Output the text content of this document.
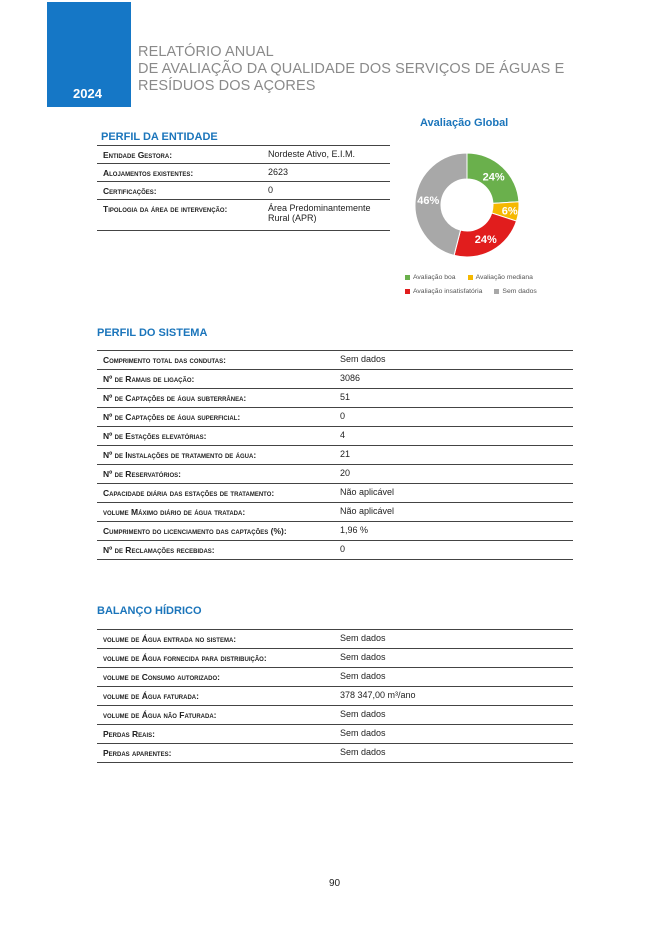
2024
RELATÓRIO ANUAL
DE AVALIAÇÃO DA QUALIDADE DOS SERVIÇOS DE ÁGUAS E
RESÍDUOS DOS AÇORES
PERFIL DA ENTIDADE
Entidade Gestora:	Nordeste Ativo, E.I.M.
Alojamentos existentes:	2623
Certificações:	0
Tipologia da área de intervenção:	Área Predominantemente Rural (APR)
Avaliação Global
24%
6%
24%
46%
Avaliação boa	Avaliação mediana
Avaliação insatisfatória	Sem dados
PERFIL DO SISTEMA
Comprimento total das condutas:	Sem dados
Nº de Ramais de ligação:	3086
Nº de Captações de água subterrânea:	51
Nº de Captações de água superficial:	0
Nº de Estações elevatórias:	4
Nº de Instalações de tratamento de água:	21
Nº de Reservatórios:	20
Capacidade diária das estações de tratamento:	Não aplicável
volume Máximo diário de água tratada:	Não aplicável
Cumprimento do licenciamento das captações (%):	1,96 %
Nº de Reclamações recebidas:	0
BALANÇO HÍDRICO
volume de Água entrada no sistema:	Sem dados
volume de Água fornecida para distribuição:	Sem dados
volume de Consumo autorizado:	Sem dados
volume de Água faturada:	378 347,00 m³/ano
volume de Água não Faturada:	Sem dados
Perdas Reais:	Sem dados
Perdas aparentes:	Sem dados
90
